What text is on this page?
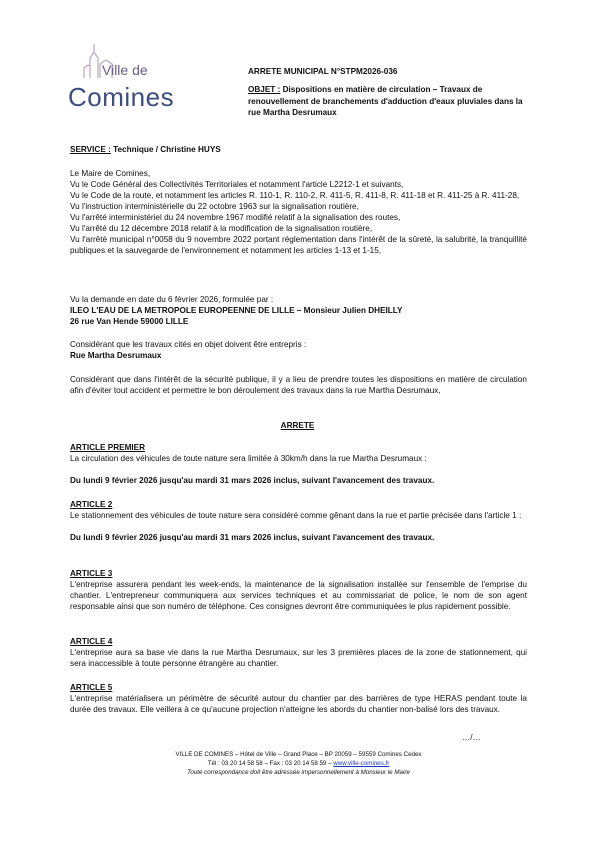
Ville de
Comines
ARRETE MUNICIPAL N°STPM2026-036
OBJET : Dispositions en matière de circulation – Travaux de renouvellement de branchements d'adduction d'eaux pluviales dans la rue Martha Desrumaux
SERVICE : Technique / Christine HUYS

Le Maire de Comines,

Vu le Code Général des Collectivités Territoriales et notamment l'article L2212-1 et suivants,

Vu le Code de la route, et notamment les articles R. 110-1, R. 110-2, R. 411-5, R. 411-8, R. 411-18 et R. 411-25 à R. 411-28,

Vu l'instruction interministérielle du 22 octobre 1963 sur la signalisation routière,

Vu l'arrêté interministériel du 24 novembre 1967 modifié relatif à la signalisation des routes,

Vu l'arrêté du 12 décembre 2018 relatif à la modification de la signalisation routière,

Vu l'arrêté municipal n°0058 du 9 novembre 2022 portant réglementation dans l'intérêt de la sûreté, la salubrité, la tranquillité publiques et la sauvegarde de l'environnement et notamment les articles 1-13 et 1-15,

Vu la demande en date du 6 février 2026, formulée par :

ILEO L'EAU DE LA METROPOLE EUROPEENNE DE LILLE – Monsieur Julien DHEILLY

26 rue Van Hende 59000 LILLE

Considérant que les travaux cités en objet doivent être entrepris :

Rue Martha Desrumaux

Considérant que dans l'intérêt de la sécurité publique, il y a lieu de prendre toutes les dispositions en matière de circulation afin d'éviter tout accident et permettre le bon déroulement des travaux dans la rue Martha Desrumaux,
ARRETE

ARTICLE PREMIER

La circulation des véhicules de toute nature sera limitée à 30km/h dans la rue Martha Desrumaux :

Du lundi 9 février 2026 jusqu'au mardi 31 mars 2026 inclus, suivant l'avancement des travaux.

ARTICLE 2

Le stationnement des véhicules de toute nature sera considéré comme gênant dans la rue et partie précisée dans l'article 1 :

Du lundi 9 février 2026 jusqu'au mardi 31 mars 2026 inclus, suivant l'avancement des travaux.

ARTICLE 3

L'entreprise assurera pendant les week-ends, la maintenance de la signalisation installée sur l'ensemble de l'emprise du chantier. L'entrepreneur communiquera aux services techniques et au commissariat de police, le nom de son agent responsable ainsi que son numéro de téléphone. Ces consignes devront être communiquées le plus rapidement possible.

ARTICLE 4

L'entreprise aura sa base vie dans la rue Martha Desrumaux, sur les 3 premières places de la zone de stationnement, qui sera inaccessible à toute personne étrangère au chantier.

ARTICLE 5

L'entreprise matérialisera un périmètre de sécurité autour du chantier par des barrières de type HERAS pendant toute la durée des travaux. Elle veillera à ce qu'aucune projection n'atteigne les abords du chantier non-balisé lors des travaux.

…/…

VILLE DE COMINES – Hôtel de Ville – Grand Place – BP 20059 – 59559 Comines Cedex

Tél : 03 20 14 58 58 – Fax : 03 20 14 58 59 – www.ville-comines.fr

Toute correspondance doit être adressée impersonnellement à Monsieur le Maire
